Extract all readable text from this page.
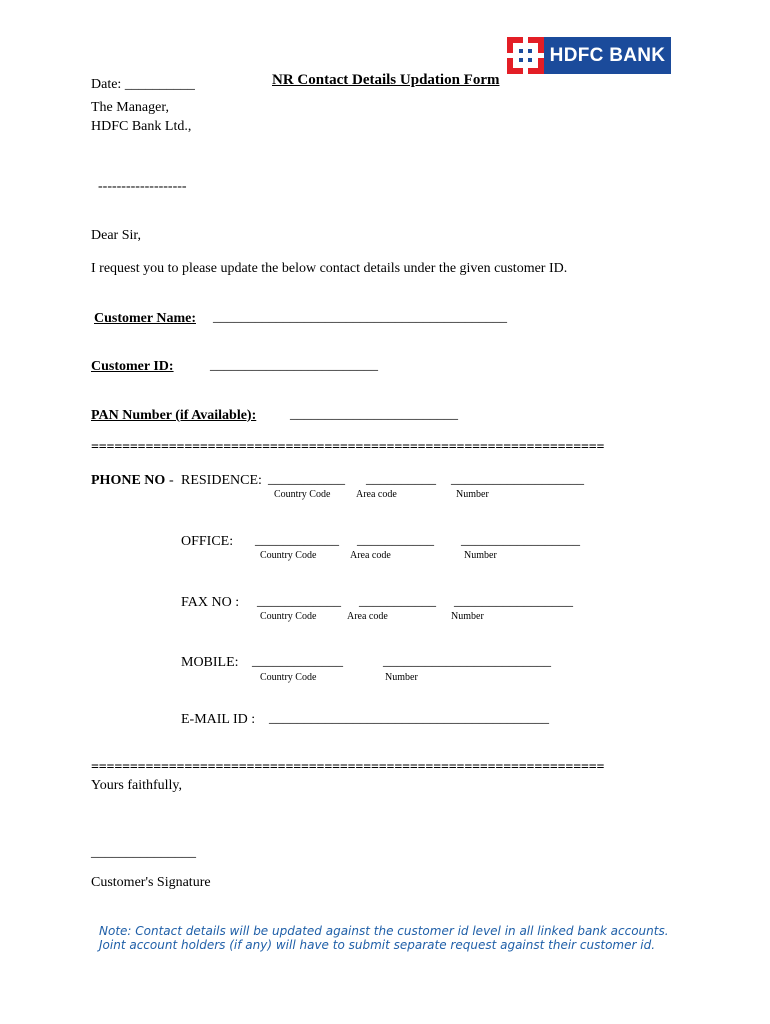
HDFC BANK
Date: __________	NR Contact Details Updation Form
The Manager,
HDFC Bank Ltd.,
-------------------
Dear Sir,
I request you to please update the below contact details under the given customer ID.
Customer Name: __________________________________________
Customer ID:	________________________
PAN Number (if Available): ________________________
==================================================================
PHONE NO - RESIDENCE: ___________ __________ ___________________
Country Code	Area code	Number
OFFICE: ____________ ___________ _________________
Country Code	Area code	Number
FAX NO : ____________ ___________ _________________
Country Code	Area code	Number
MOBILE: _____________	________________________
Country Code	Number
E-MAIL ID : ________________________________________
==================================================================
Yours faithfully,
_______________
Customer's Signature
Note: Contact details will be updated against the customer id level in all linked bank accounts.
Joint account holders (if any) will have to submit separate request against their customer id.
